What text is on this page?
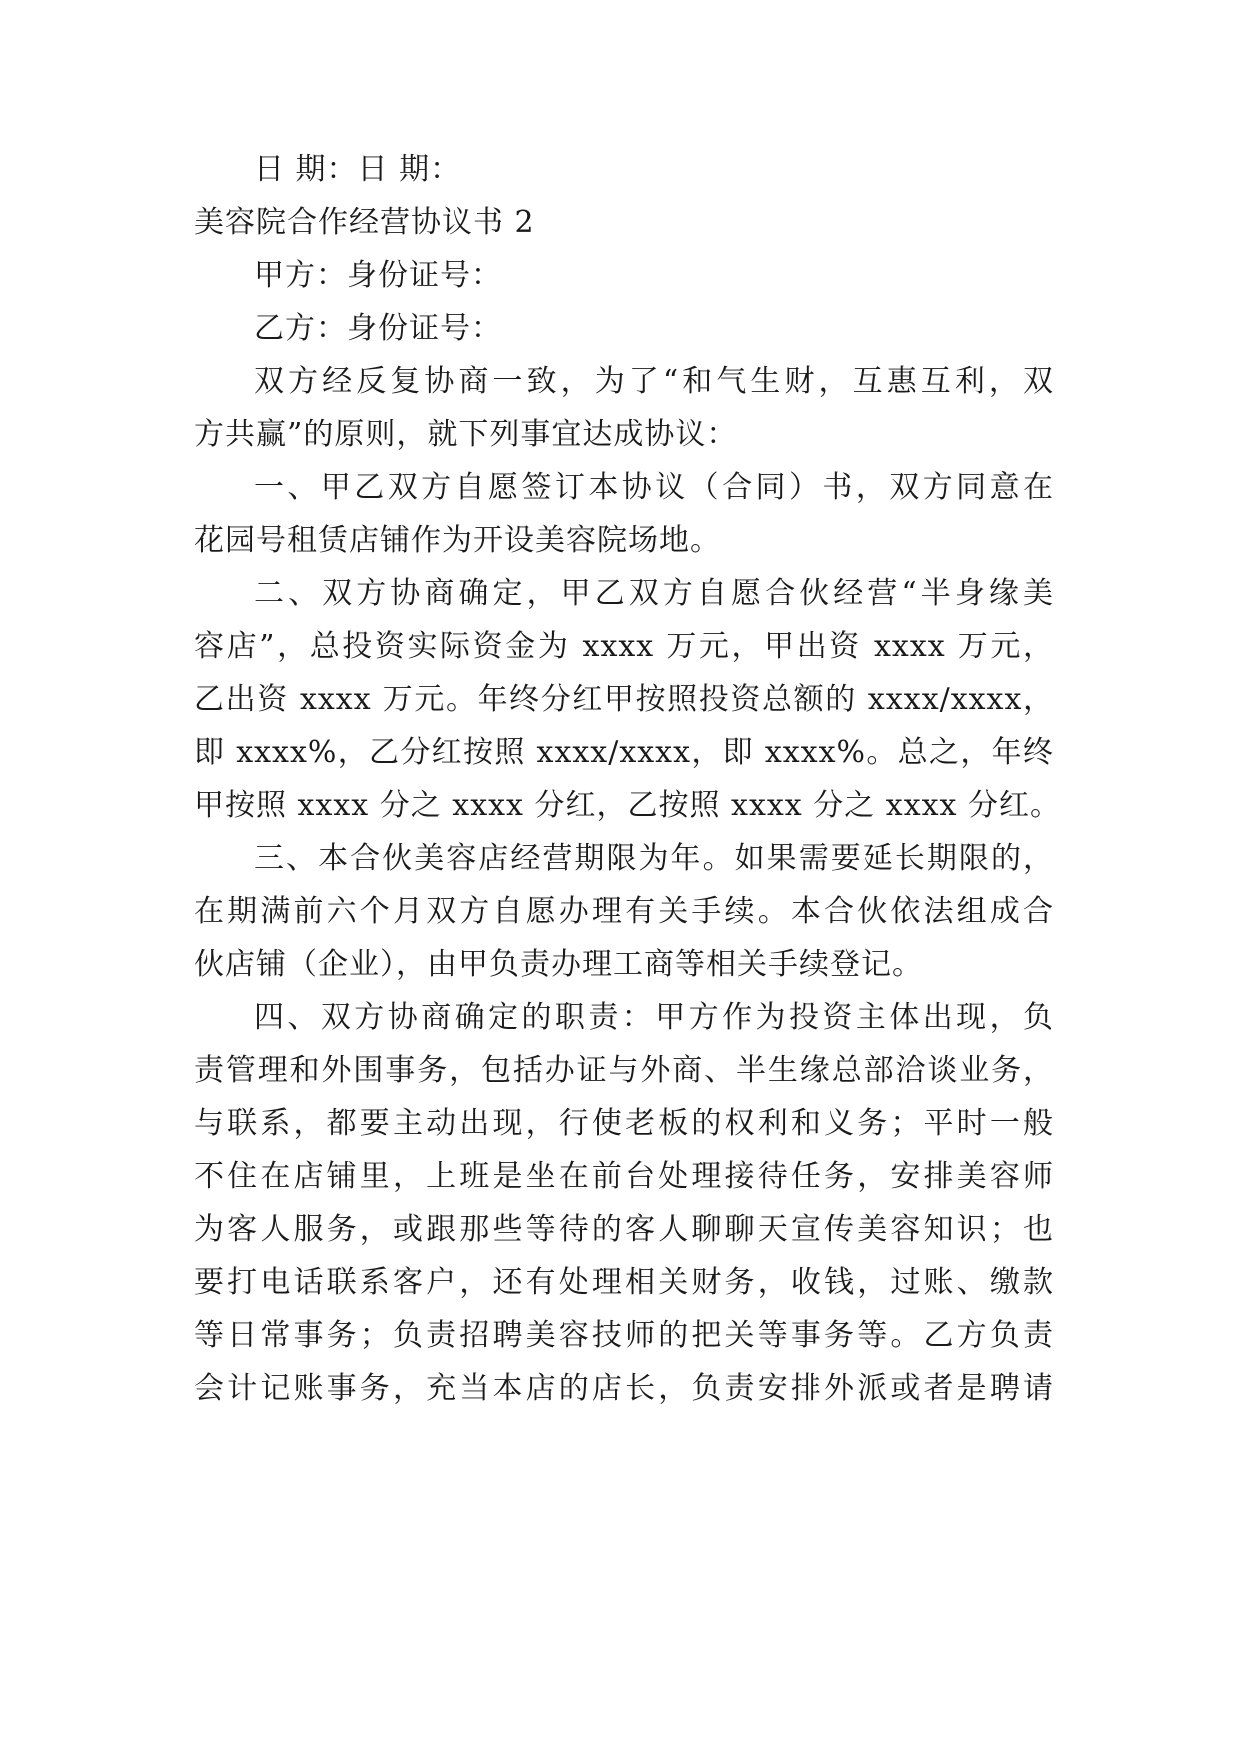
日 期：日 期：
美容院合作经营协议书 2
甲方：身份证号：
乙方：身份证号：
双方经反复协商一致，为了“和气生财，互惠互利，双
方共赢”的原则，就下列事宜达成协议：
一、甲乙双方自愿签订本协议（合同）书，双方同意在
花园号租赁店铺作为开设美容院场地。
二、双方协商确定，甲乙双方自愿合伙经营“半身缘美
容店”，总投资实际资金为 xxxx 万元，甲出资 xxxx 万元，
乙出资 xxxx 万元。年终分红甲按照投资总额的 xxxx/xxxx，
即 xxxx%，乙分红按照 xxxx/xxxx，即 xxxx%。总之，年终
甲按照 xxxx 分之 xxxx 分红，乙按照 xxxx 分之 xxxx 分红。
三、本合伙美容店经营期限为年。如果需要延长期限的，
在期满前六个月双方自愿办理有关手续。本合伙依法组成合
伙店铺（企业），由甲负责办理工商等相关手续登记。
四、双方协商确定的职责：甲方作为投资主体出现，负
责管理和外围事务，包括办证与外商、半生缘总部洽谈业务，
与联系，都要主动出现，行使老板的权利和义务；平时一般
不住在店铺里，上班是坐在前台处理接待任务，安排美容师
为客人服务，或跟那些等待的客人聊聊天宣传美容知识；也
要打电话联系客户，还有处理相关财务，收钱，过账、缴款
等日常事务；负责招聘美容技师的把关等事务等。乙方负责
会计记账事务，充当本店的店长，负责安排外派或者是聘请
